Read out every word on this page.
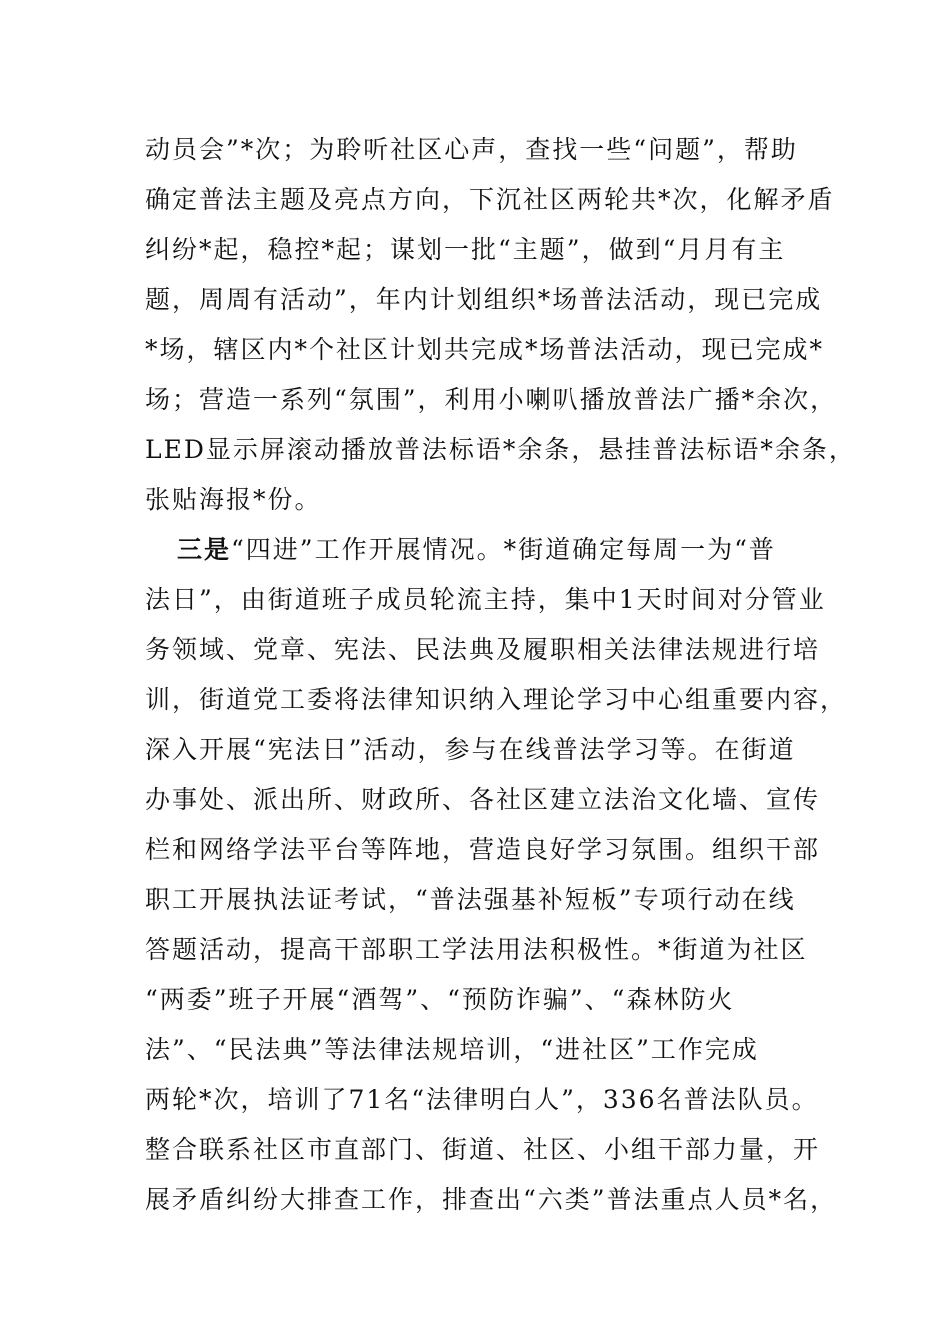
动员会”*次；为聆听社区心声，查找一些“问题”，帮助
确定普法主题及亮点方向，下沉社区两轮共*次，化解矛盾
纠纷*起，稳控*起；谋划一批“主题”，做到“月月有主
题，周周有活动”，年内计划组织*场普法活动，现已完成
*场，辖区内*个社区计划共完成*场普法活动，现已完成*
场；营造一系列“氛围”，利用小喇叭播放普法广播*余次，
LED显示屏滚动播放普法标语*余条，悬挂普法标语*余条，
张贴海报*份。
三是“四进”工作开展情况。*街道确定每周一为“普
法日”，由街道班子成员轮流主持，集中1天时间对分管业
务领域、党章、宪法、民法典及履职相关法律法规进行培
训，街道党工委将法律知识纳入理论学习中心组重要内容，
深入开展“宪法日”活动，参与在线普法学习等。在街道
办事处、派出所、财政所、各社区建立法治文化墙、宣传
栏和网络学法平台等阵地，营造良好学习氛围。组织干部
职工开展执法证考试，“普法强基补短板”专项行动在线
答题活动，提高干部职工学法用法积极性。*街道为社区
“两委”班子开展“酒驾”、“预防诈骗”、“森林防火
法”、“民法典”等法律法规培训，“进社区”工作完成
两轮*次，培训了71名“法律明白人”，336名普法队员。
整合联系社区市直部门、街道、社区、小组干部力量，开
展矛盾纠纷大排查工作，排查出“六类”普法重点人员*名，
